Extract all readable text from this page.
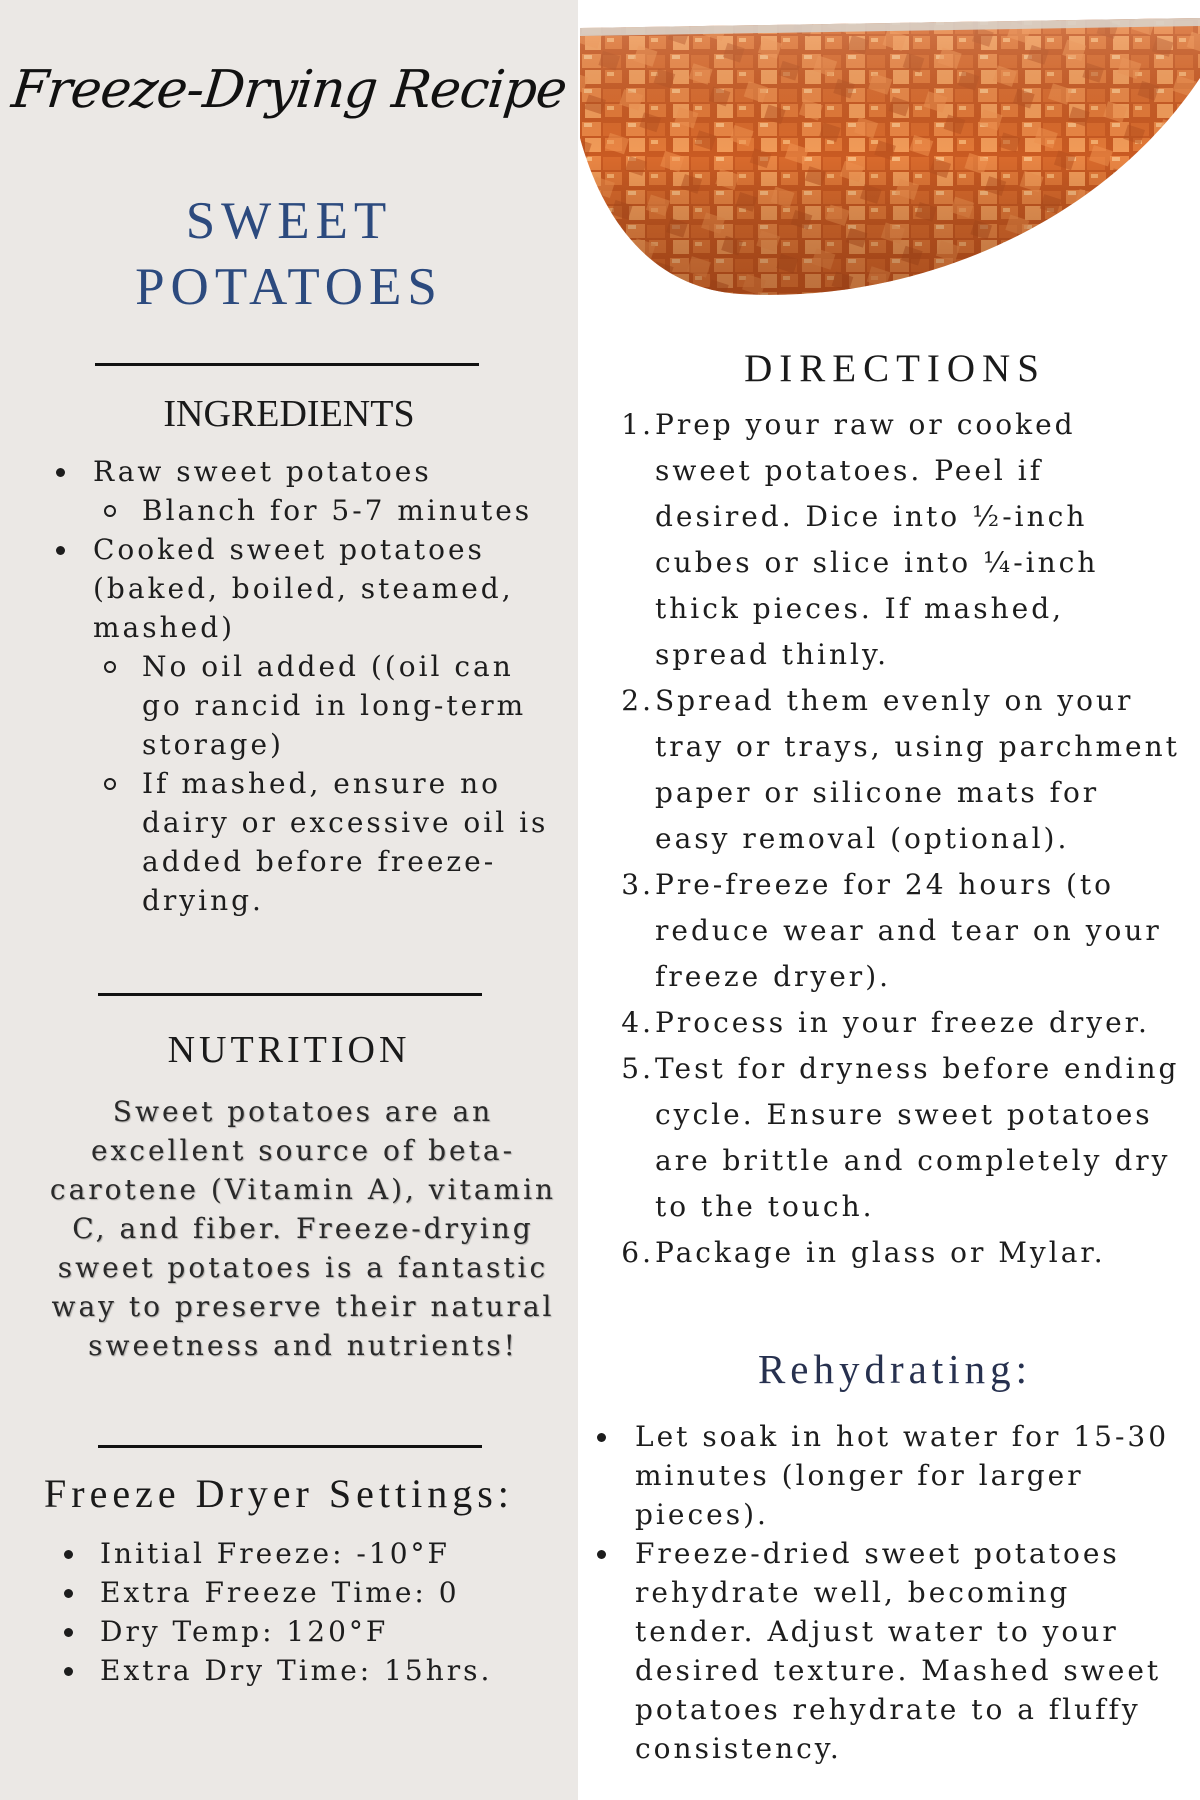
Freeze-Drying Recipe
SWEET
POTATOES
INGREDIENTS
Raw sweet potatoes
Blanch for 5-7 minutes
Cooked sweet potatoes (baked, boiled, steamed, mashed)
No oil added ((oil can go rancid in long-term storage)
If mashed, ensure no dairy or excessive oil is added before freeze-drying.
NUTRITION
Sweet potatoes are an excellent source of beta-carotene (Vitamin A), vitamin C, and fiber. Freeze-drying sweet potatoes is a fantastic way to preserve their natural sweetness and nutrients!
Freeze Dryer Settings:
Initial Freeze: -10°F
Extra Freeze Time: 0
Dry Temp: 120°F
Extra Dry Time: 15hrs.
DIRECTIONS
1. Prep your raw or cooked sweet potatoes. Peel if desired. Dice into ½-inch cubes or slice into ¼-inch thick pieces. If mashed, spread thinly.
2. Spread them evenly on your tray or trays, using parchment paper or silicone mats for easy removal (optional).
3. Pre-freeze for 24 hours (to reduce wear and tear on your freeze dryer).
4. Process in your freeze dryer.
5. Test for dryness before ending cycle. Ensure sweet potatoes are brittle and completely dry to the touch.
6. Package in glass or Mylar.
Rehydrating:
Let soak in hot water for 15-30 minutes (longer for larger pieces).
Freeze-dried sweet potatoes rehydrate well, becoming tender. Adjust water to your desired texture. Mashed sweet potatoes rehydrate to a fluffy consistency.
